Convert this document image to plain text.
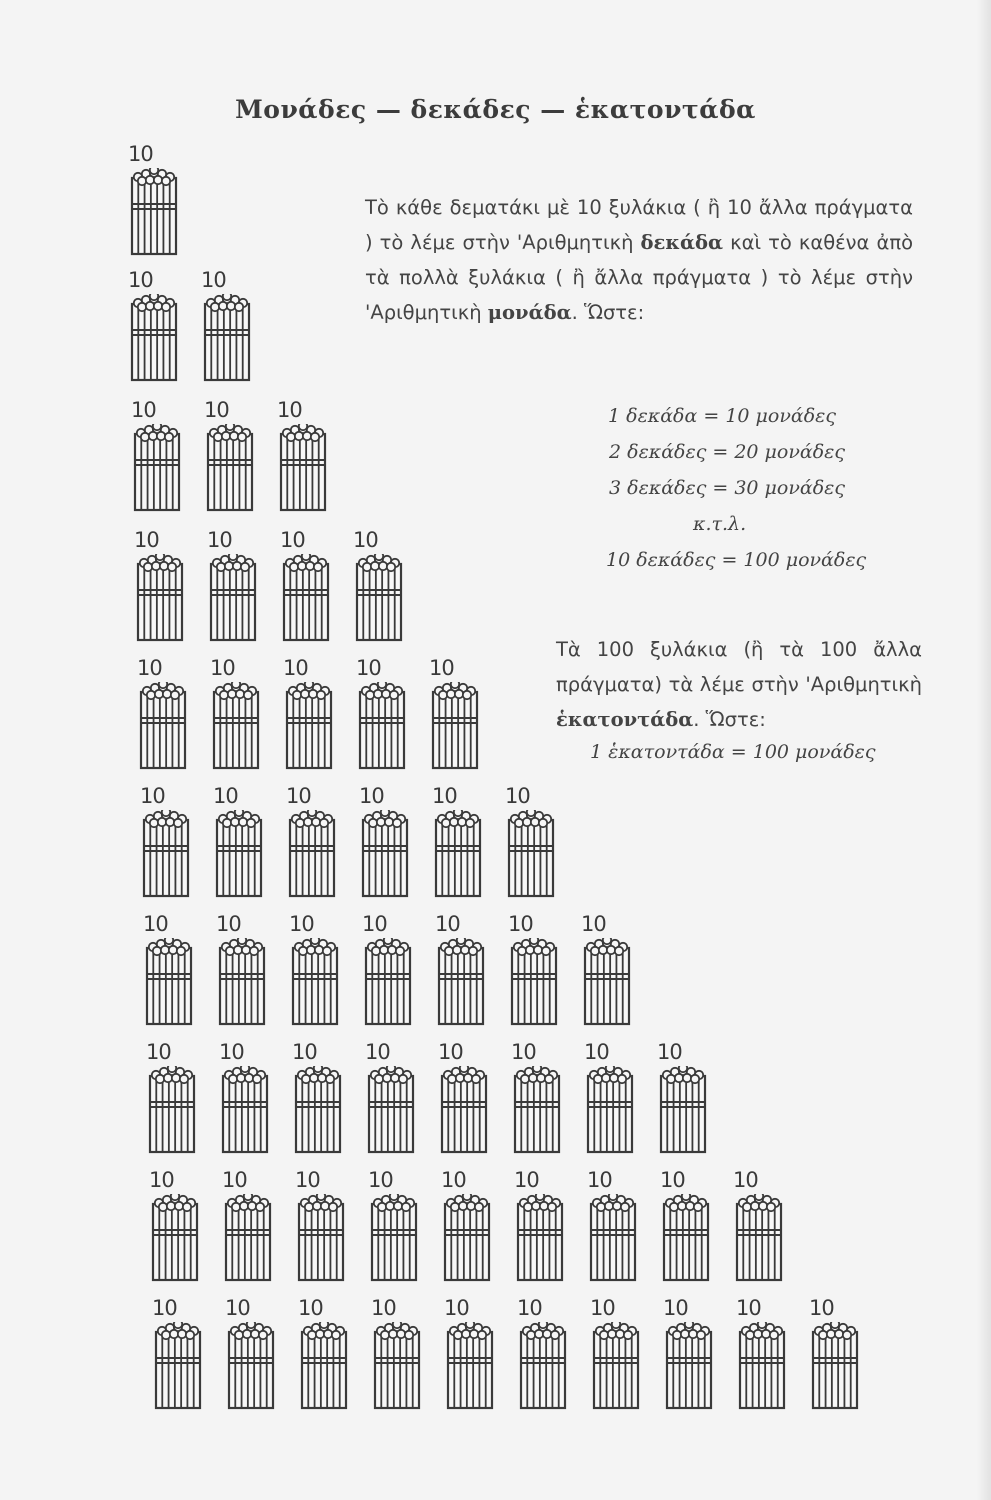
Μονάδες — δεκάδες — ἑκατοντάδα

Τὸ κάθε δεματάκι μὲ 10 ξυλάκια ( ἢ 10 ἄλλα πράγματα ) τὸ λέμε στὴν 'Αριθμητικὴ δεκάδα καὶ τὸ καθένα ἀπὸ τὰ πολλὰ ξυλάκια ( ἢ ἄλλα πράγματα ) τὸ λέμε στὴν 'Αριθμητικὴ μονάδα. Ὥστε:

1 δεκάδα = 10 μονάδες
2 δεκάδες = 20 μονάδες
3 δεκάδες = 30 μονάδες
κ.τ.λ.
10 δεκάδες = 100 μονάδες

Τὰ 100 ξυλάκια (ἢ τὰ 100 ἄλλα πράγματα) τὰ λέμε στὴν 'Αριθμητικὴ ἑκατοντάδα. Ὥστε:

1 ἑκατοντάδα = 100 μονάδες
10
10	10
10	10	10
10	10	10	10
10	10	10	10	10
10	10	10	10	10	10
10	10	10	10	10	10	10
10	10	10	10	10	10	10	10
10	10	10	10	10	10	10	10	10
10	10	10	10	10	10	10	10	10	10
